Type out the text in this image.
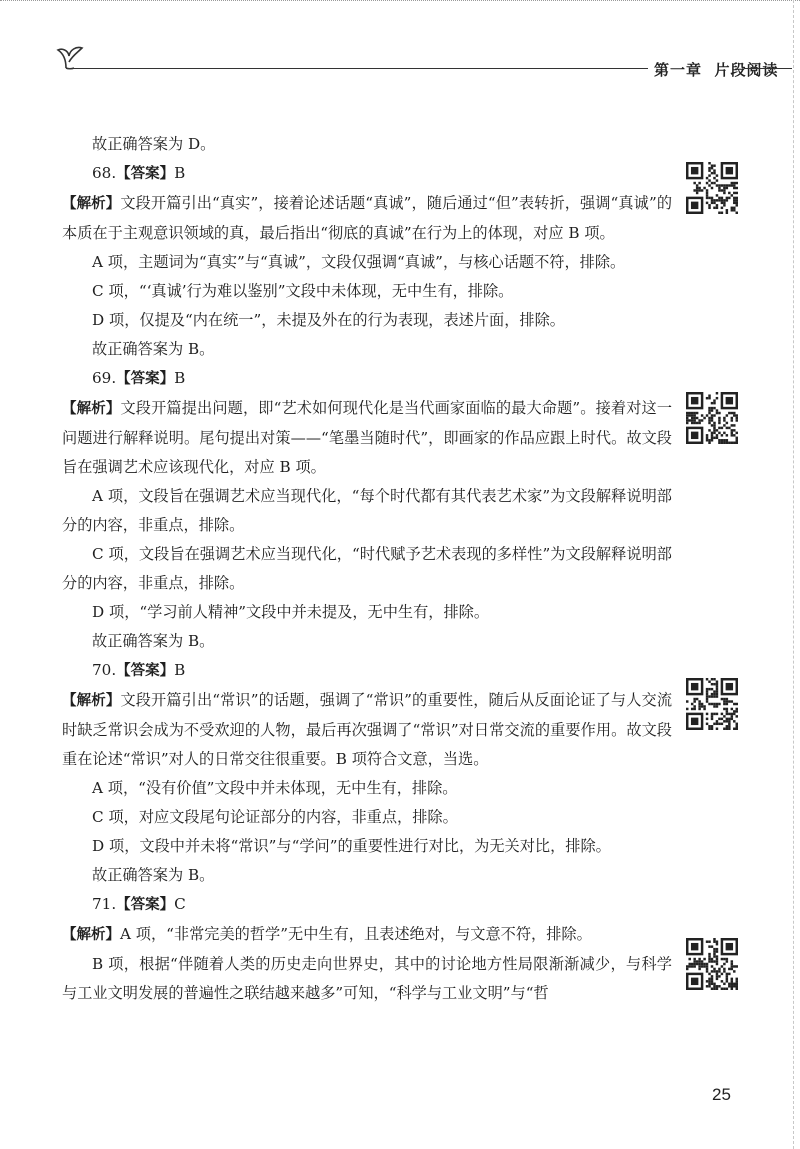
第一章 片段阅读

故正确答案为 D。

68.【答案】B

【解析】文段开篇引出“真实”，接着论述话题“真诚”，随后通过“但”表转折，强调“真诚”的本质在于主观意识领域的真，最后指出“彻底的真诚”在行为上的体现，对应 B 项。

A 项，主题词为“真实”与“真诚”，文段仅强调“真诚”，与核心话题不符，排除。

C 项，“‘真诚’行为难以鉴别”文段中未体现，无中生有，排除。

D 项，仅提及“内在统一”，未提及外在的行为表现，表述片面，排除。

故正确答案为 B。

69.【答案】B

【解析】文段开篇提出问题，即“艺术如何现代化是当代画家面临的最大命题”。接着对这一问题进行解释说明。尾句提出对策——“笔墨当随时代”，即画家的作品应跟上时代。故文段旨在强调艺术应该现代化，对应 B 项。

A 项，文段旨在强调艺术应当现代化，“每个时代都有其代表艺术家”为文段解释说明部分的内容，非重点，排除。

C 项，文段旨在强调艺术应当现代化，“时代赋予艺术表现的多样性”为文段解释说明部分的内容，非重点，排除。

D 项，“学习前人精神”文段中并未提及，无中生有，排除。

故正确答案为 B。

70.【答案】B

【解析】文段开篇引出“常识”的话题，强调了“常识”的重要性，随后从反面论证了与人交流时缺乏常识会成为不受欢迎的人物，最后再次强调了“常识”对日常交流的重要作用。故文段重在论述“常识”对人的日常交往很重要。B 项符合文意，当选。

A 项，“没有价值”文段中并未体现，无中生有，排除。

C 项，对应文段尾句论证部分的内容，非重点，排除。

D 项，文段中并未将“常识”与“学问”的重要性进行对比，为无关对比，排除。

故正确答案为 B。

71.【答案】C

【解析】A 项，“非常完美的哲学”无中生有，且表述绝对，与文意不符，排除。

B 项，根据“伴随着人类的历史走向世界史，其中的讨论地方性局限渐渐减少，与科学与工业文明发展的普遍性之联结越来越多”可知，“科学与工业文明”与“哲

25
